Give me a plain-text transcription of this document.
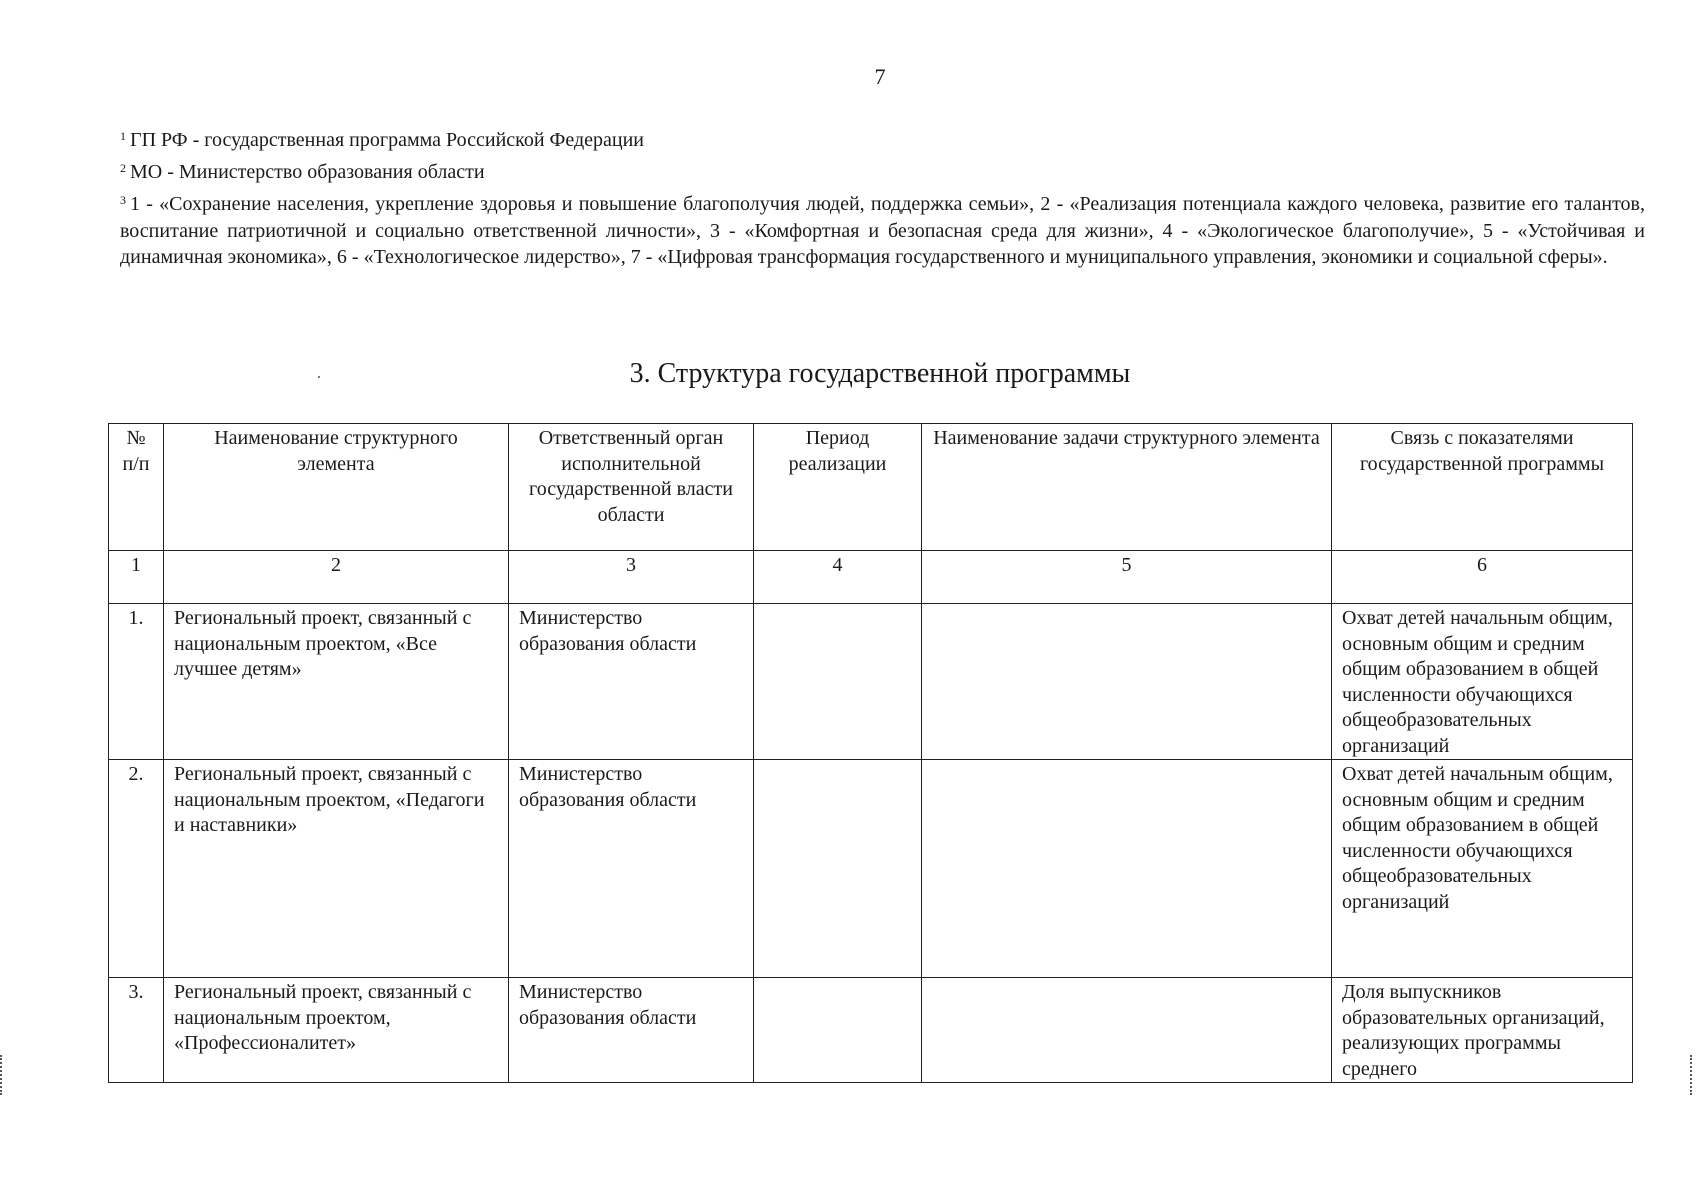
7

$^1$ ГП РФ - государственная программа Российской Федерации

$^2$ МО - Министерство образования области

$^3$ 1 - «Сохранение населения, укрепление здоровья и повышение благополучия людей, поддержка семьи», 2 - «Реализация потенциала каждого человека, развитие его талантов, воспитание патриотичной и социально ответственной личности», 3 - «Комфортная и безопасная среда для жизни», 4 - «Экологическое благополучие», 5 - «Устойчивая и динамичная экономика», 6 - «Технологическое лидерство», 7 - «Цифровая трансформация государственного и муниципального управления, экономики и социальной сферы».

3. Структура государственной программы
№ п/п	Наименование структурного элемента	Ответственный орган исполнительной государственной власти области	Период реализации	Наименование задачи структурного элемента	Связь с показателями государственной программы
1	2	3	4	5	6
1.	Региональный проект, связанный с национальным проектом, «Все лучшее детям»	Министерство образования области			Охват детей начальным общим, основным общим и средним общим образованием в общей численности обучающихся общеобразовательных организаций
2.	Региональный проект, связанный с национальным проектом, «Педагоги и наставники»	Министерство образования области			Охват детей начальным общим, основным общим и средним общим образованием в общей численности обучающихся общеобразовательных организаций
3.	Региональный проект, связанный с национальным проектом, «Профессионалитет»	Министерство образования области			Доля выпускников образовательных организаций, реализующих программы среднего
